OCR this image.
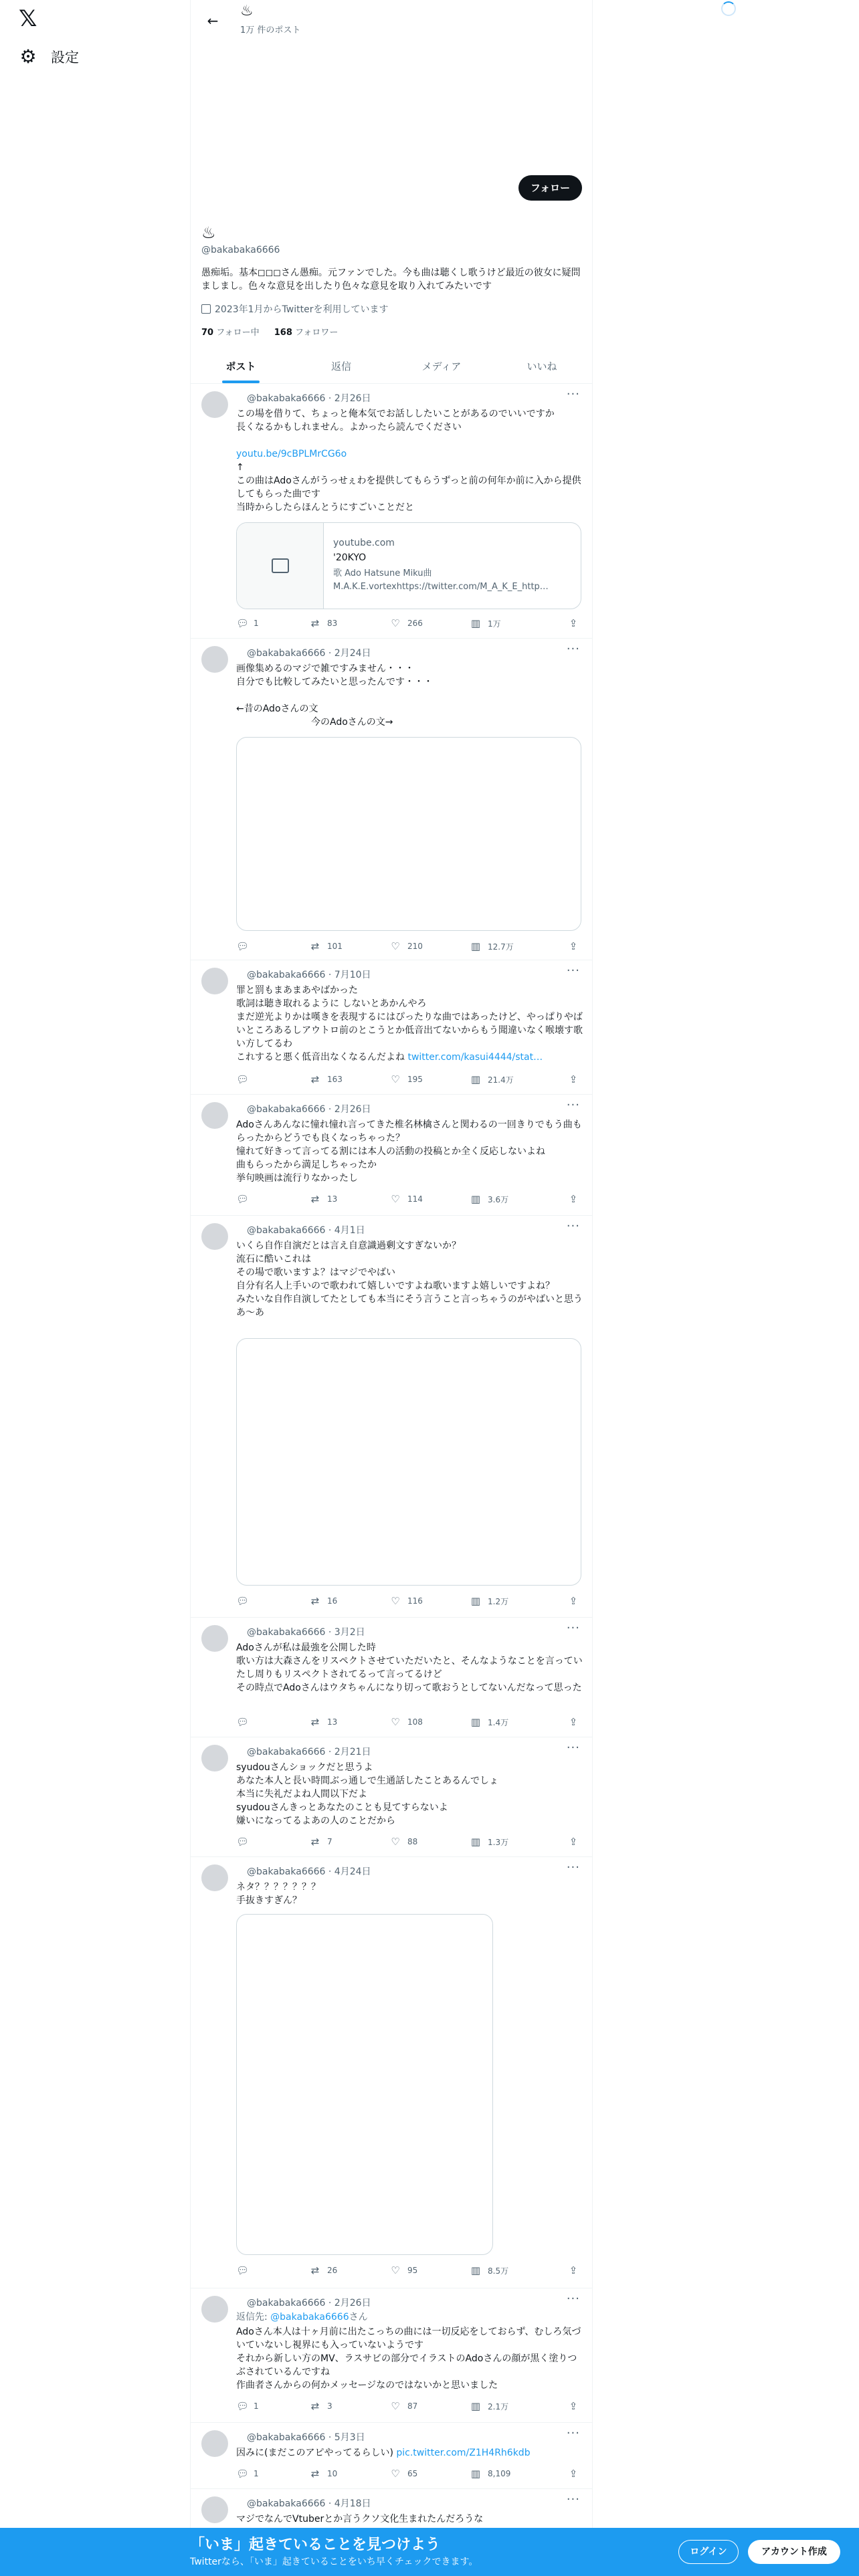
𝕏
⚙ 設定
←
♨
1万 件のポスト
フォロー
♨
@bakabaka6666
愚痴垢。基本◻︎◻︎◻︎さん愚痴。元ファンでした。今も曲は聴くし歌うけど最近の彼女に疑問ましまし。色々な意見を出したり色々な意見を取り入れてみたいです
2023年1月からTwitterを利用しています
70 フォロー中 168 フォロワー
ポスト	返信	メディア	いいね
@bakabaka6666 · 2月26日	···
この場を借りて、ちょっと俺本気でお話ししたいことがあるのでいいですか
長くなるかもしれません。よかったら読んでください
youtu.be/9cBPLMrCG6o
↑
この曲はAdoさんがうっせぇわを提供してもらうずっと前の何年か前に入から提供してもらった曲です
当時からしたらほんとうにすごいことだと
youtube.com
'20KYO
歌 Ado Hatsune Miku曲
M.A.K.E.vortexhttps://twitter.com/M_A_K_E_http…
💬︎ 1	⇄ 83	♡ 266	▥ 1万	⇪
@bakabaka6666 · 2月24日	···
画像集めるのマジで雑ですみません・・・
自分でも比較してみたいと思ったんです・・・

←昔のAdoさんの文
　　　　　　　　今のAdoさんの文→
💬︎	⇄ 101	♡ 210	▥ 12.7万	⇪
@bakabaka6666 · 7月10日	···
罪と罰もまあまあやばかった
歌詞は聴き取れるように しないとあかんやろ
まだ逆光よりかは嘆きを表現するにはぴったりな曲ではあったけど、やっぱりやばいところあるしアウトロ前のとこうとか低音出てないからもう聞違いなく喉壊す歌い方してるわ
これすると悪く低音出なくなるんだよね twitter.com/kasui4444/stat…
💬︎	⇄ 163	♡ 195	▥ 21.4万	⇪
@bakabaka6666 · 2月26日	···
Adoさんあんなに憧れ憧れ言ってきた椎名林檎さんと関わるの一回きりでもう曲もらったからどうでも良くなっちゃった？
憧れて好きって言ってる割には本人の活動の投稿とか全く反応しないよね
曲もらったから満足しちゃったか
挙句映画は流行りなかったし
💬︎	⇄ 13	♡ 114	▥ 3.6万	⇪
@bakabaka6666 · 4月1日	···
いくら自作自演だとは言え自意識過剰文すぎないか？
流石に酷いこれは
その場で歌いますよ？はマジでやばい
自分有名人上手いので歌われて嬉しいですよね歌いますよ嬉しいですよね？
みたいな自作自演してたとしても本当にそう言うこと言っちゃうのがやばいと思う
あ〜あ
💬︎	⇄ 16	♡ 116	▥ 1.2万	⇪
@bakabaka6666 · 3月2日	···
Adoさんが私は最強を公開した時
歌い方は大森さんをリスペクトさせていただいたと、そんなようなことを言っていたし周りもリスペクトされてるって言ってるけど
その時点でAdoさんはウタちゃんになり切って歌おうとしてないんだなって思った
💬︎	⇄ 13	♡ 108	▥ 1.4万	⇪
@bakabaka6666 · 2月21日	···
syudouさんショックだと思うよ
あなた本人と長い時間ぶっ通しで生通話したことあるんでしょ
本当に失礼だよね人間以下だよ
syudouさんきっとあなたのことも見てすらないよ
嫌いになってるよあの人のことだから
💬︎	⇄ 7	♡ 88	▥ 1.3万	⇪
@bakabaka6666 · 4月24日	···
ネタ？？？？？？？
手抜きすぎん？
💬︎	⇄ 26	♡ 95	▥ 8.5万	⇪
@bakabaka6666 · 2月26日	···
返信先: @bakabaka6666さん
Adoさん本人は十ヶ月前に出たこっちの曲には一切反応をしておらず、むしろ気づいていないし視界にも入っていないようです
それから新しい方のMV、ラスサビの部分でイラストのAdoさんの顔が黒く塗りつぶされているんですね
作曲者さんからの何かメッセージなのではないかと思いました
💬︎ 1	⇄ 3	♡ 87	▥ 2.1万	⇪
@bakabaka6666 · 5月3日	···
因みに(まだこのアピやってるらしい) pic.twitter.com/Z1H4Rh6kdb
💬︎ 1	⇄ 10	♡ 65	▥ 8,109	⇪
@bakabaka6666 · 4月18日	···
マジでなんでVtuberとか言うクソ文化生まれたんだろうな
「いま」起きていることを見つけよう
Twitterなら、「いま」起きていることをいち早くチェックできます。
ログイン	アカウント作成
